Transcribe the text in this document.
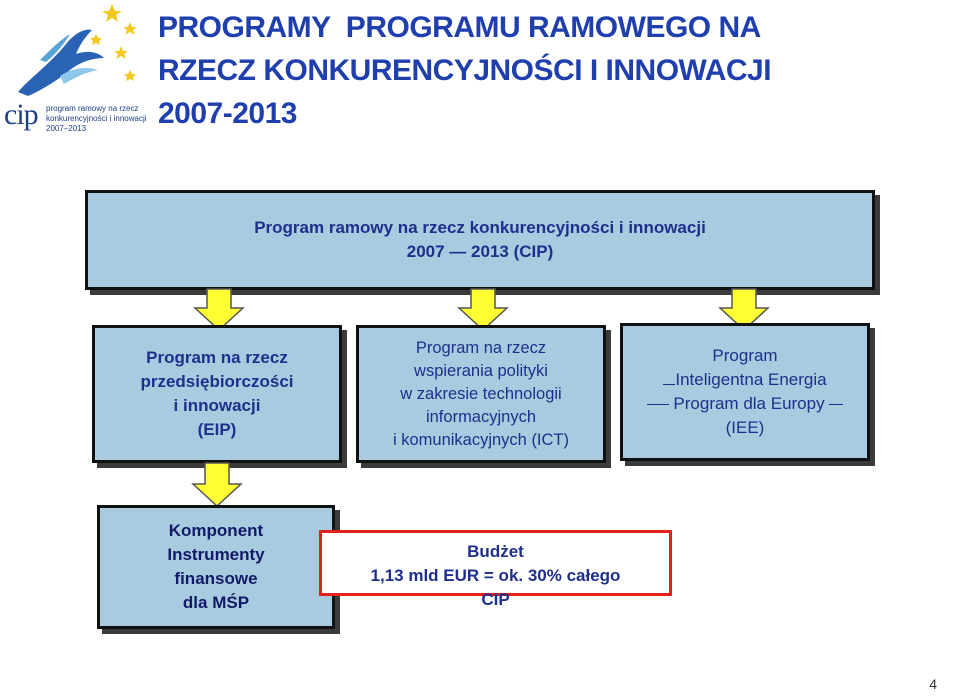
cip program ramowy na rzecz
konkurencyjności i innowacji
2007–2013
PROGRAMY  PROGRAMU RAMOWEGO NA
RZECZ KONKURENCYJNOŚCI I INNOWACJI
2007-2013
Program ramowy na rzecz konkurencyjności i innowacji
2007 — 2013 (CIP)
Program na rzecz
przedsiębiorczości
i innowacji
(EIP)
Program na rzecz
wspierania polityki
w zakresie technologii
informacyjnych
i komunikacyjnych (ICT)
Program
Inteligentna Energia
Program dla Europy
(IEE)
Komponent
Instrumenty
finansowe
dla MŚP
Budżet
1,13 mld EUR = ok. 30% całego
CIP
4
